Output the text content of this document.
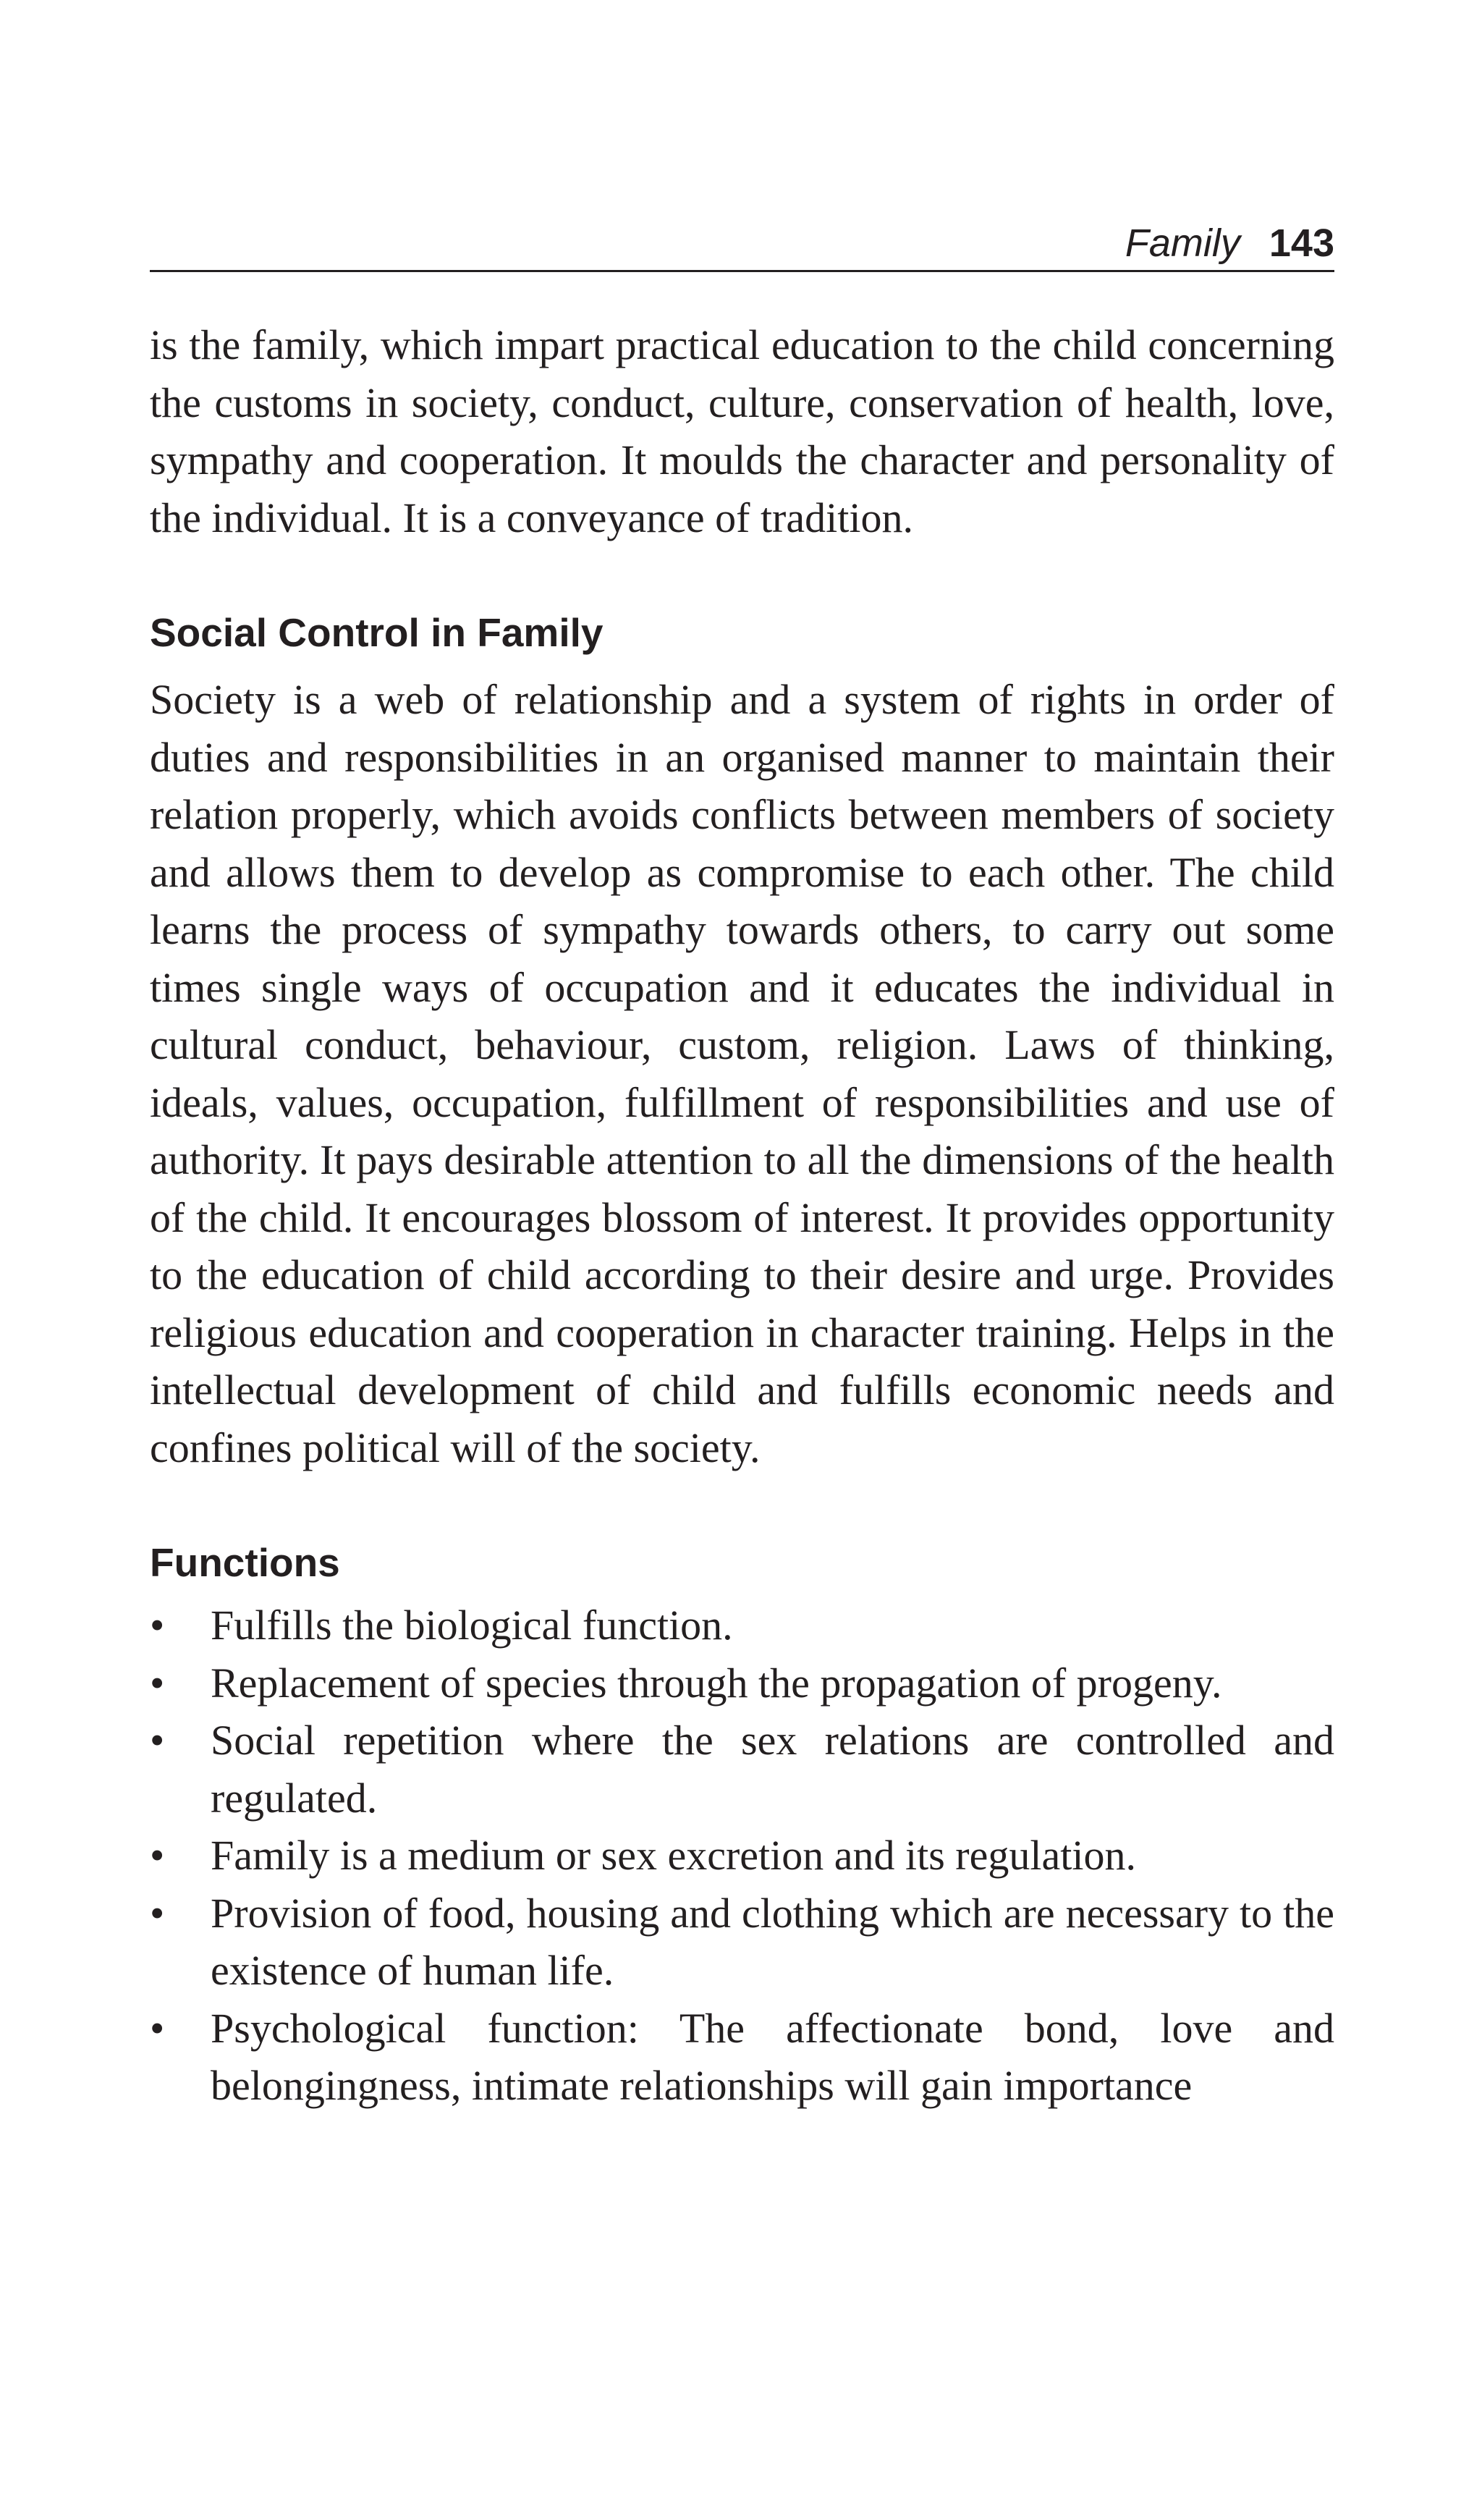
Family 143

is the family, which impart practical education to the child concerning the customs in society, conduct, culture, conservation of health, love, sympathy and cooperation. It moulds the character and personality of the individual. It is a conveyance of tradition.

Social Control in Family

Society is a web of relationship and a system of rights in order of duties and responsibilities in an organised manner to maintain their relation properly, which avoids conflicts between members of society and allows them to develop as compromise to each other. The child learns the process of sympathy towards others, to carry out some times single ways of occupation and it educates the individual in cultural conduct, behaviour, custom, religion. Laws of thinking, ideals, values, occupation, fulfillment of responsibilities and use of authority. It pays desirable attention to all the dimensions of the health of the child. It encourages blossom of interest. It provides opportunity to the education of child according to their desire and urge. Provides religious education and cooperation in character training. Helps in the intellectual development of child and fulfills economic needs and confines political will of the society.

Functions
•	Fulfills the biological function.
•	Replacement of species through the propagation of progeny.
•	Social repetition where the sex relations are controlled and regulated.
•	Family is a medium or sex excretion and its regulation.
•	Provision of food, housing and clothing which are necessary to the existence of human life.
•	Psychological function: The affectionate bond, love and belongingness, intimate relationships will gain importance
